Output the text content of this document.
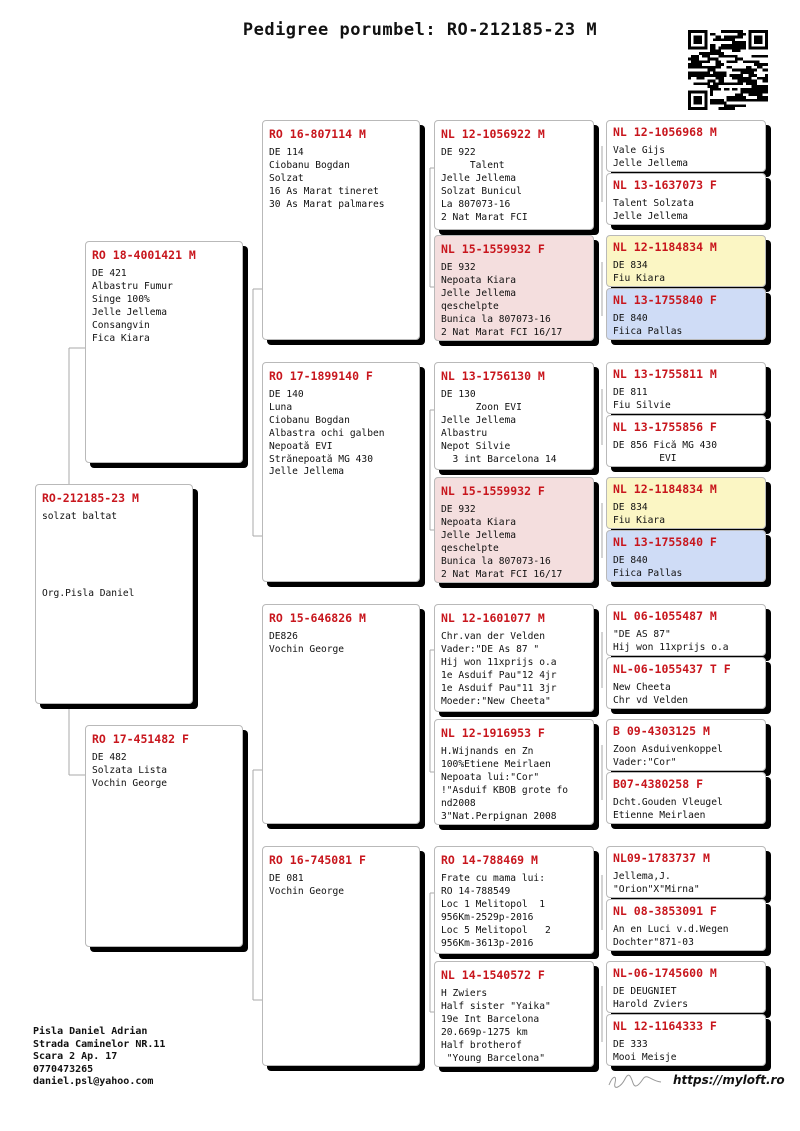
Pedigree porumbel: RO-212185-23 M
RO-212185-23 M
solzat baltat

Org.Pisla Daniel
RO 18-4001421 M
DE 421
Albastru Fumur
Singe 100%
Jelle Jellema
Consangvin
Fica Kiara
RO 17-451482 F
DE 482
Solzata Lista
Vochin George
RO 16-807114 M
DE 114
Ciobanu Bogdan
Solzat
16 As Marat tineret
30 As Marat palmares
RO 17-1899140 F
DE 140
Luna
Ciobanu Bogdan
Albastra ochi galben
Nepoată EVI
Strănepoată MG 430
Jelle Jellema
RO 15-646826 M
DE826
Vochin George
RO 16-745081 F
DE 081
Vochin George
NL 12-1056922 M
DE 922
Talent
Jelle Jellema
Solzat Bunicul
La 807073-16
2 Nat Marat FCI
NL 15-1559932 F
DE 932
Nepoata Kiara
Jelle Jellema
qeschelpte
Bunica la 807073-16
2 Nat Marat FCI 16/17
NL 13-1756130 M
DE 130
Zoon EVI
Jelle Jellema
Albastru
Nepot Silvie
3 int Barcelona 14
NL 15-1559932 F
DE 932
Nepoata Kiara
Jelle Jellema
qeschelpte
Bunica la 807073-16
2 Nat Marat FCI 16/17
NL 12-1601077 M
Chr.van der Velden
Vader:"DE As 87 "
Hij won 11xprijs o.a
1e Asduif Pau"12 4jr
1e Asduif Pau"11 3jr
Moeder:"New Cheeta"
NL 12-1916953 F
H.Wijnands en Zn
100%Etiene Meirlaen
Nepoata lui:"Cor"
!"Asduif KBOB grote fo
nd2008
3"Nat.Perpignan 2008
RO 14-788469 M
Frate cu mama lui:
RO 14-788549
Loc 1 Melitopol  1
956Km-2529p-2016
Loc 5 Melitopol   2
956Km-3613p-2016
NL 14-1540572 F
H Zwiers
Half sister "Yaika"
19e Int Barcelona
20.669p-1275 km
Half brotherof
"Young Barcelona"
NL 12-1056968 M
Vale Gijs
Jelle Jellema
NL 13-1637073 F
Talent Solzata
Jelle Jellema
NL 12-1184834 M
DE 834
Fiu Kiara
NL 13-1755840 F
DE 840
Fiica Pallas
NL 13-1755811 M
DE 811
Fiu Silvie
NL 13-1755856 F
DE 856 Fică MG 430
EVI
NL 12-1184834 M
DE 834
Fiu Kiara
NL 13-1755840 F
DE 840
Fiica Pallas
NL 06-1055487 M
"DE AS 87"
Hij won 11xprijs o.a
NL-06-1055437 T F
New Cheeta
Chr vd Velden
B 09-4303125 M
Zoon Asduivenkoppel
Vader:"Cor"
B07-4380258 F
Dcht.Gouden Vleugel
Etienne Meirlaen
NL09-1783737 M
Jellema,J.
"Orion"X"Mirna"
NL 08-3853091 F
An en Luci v.d.Wegen
Dochter"871-03
NL-06-1745600 M
DE DEUGNIET
Harold Zviers
NL 12-1164333 F
DE 333
Mooi Meisje
Pisla Daniel Adrian
Strada Caminelor NR.11
Scara 2 Ap. 17
0770473265
daniel.psl@yahoo.com	https://myloft.ro
